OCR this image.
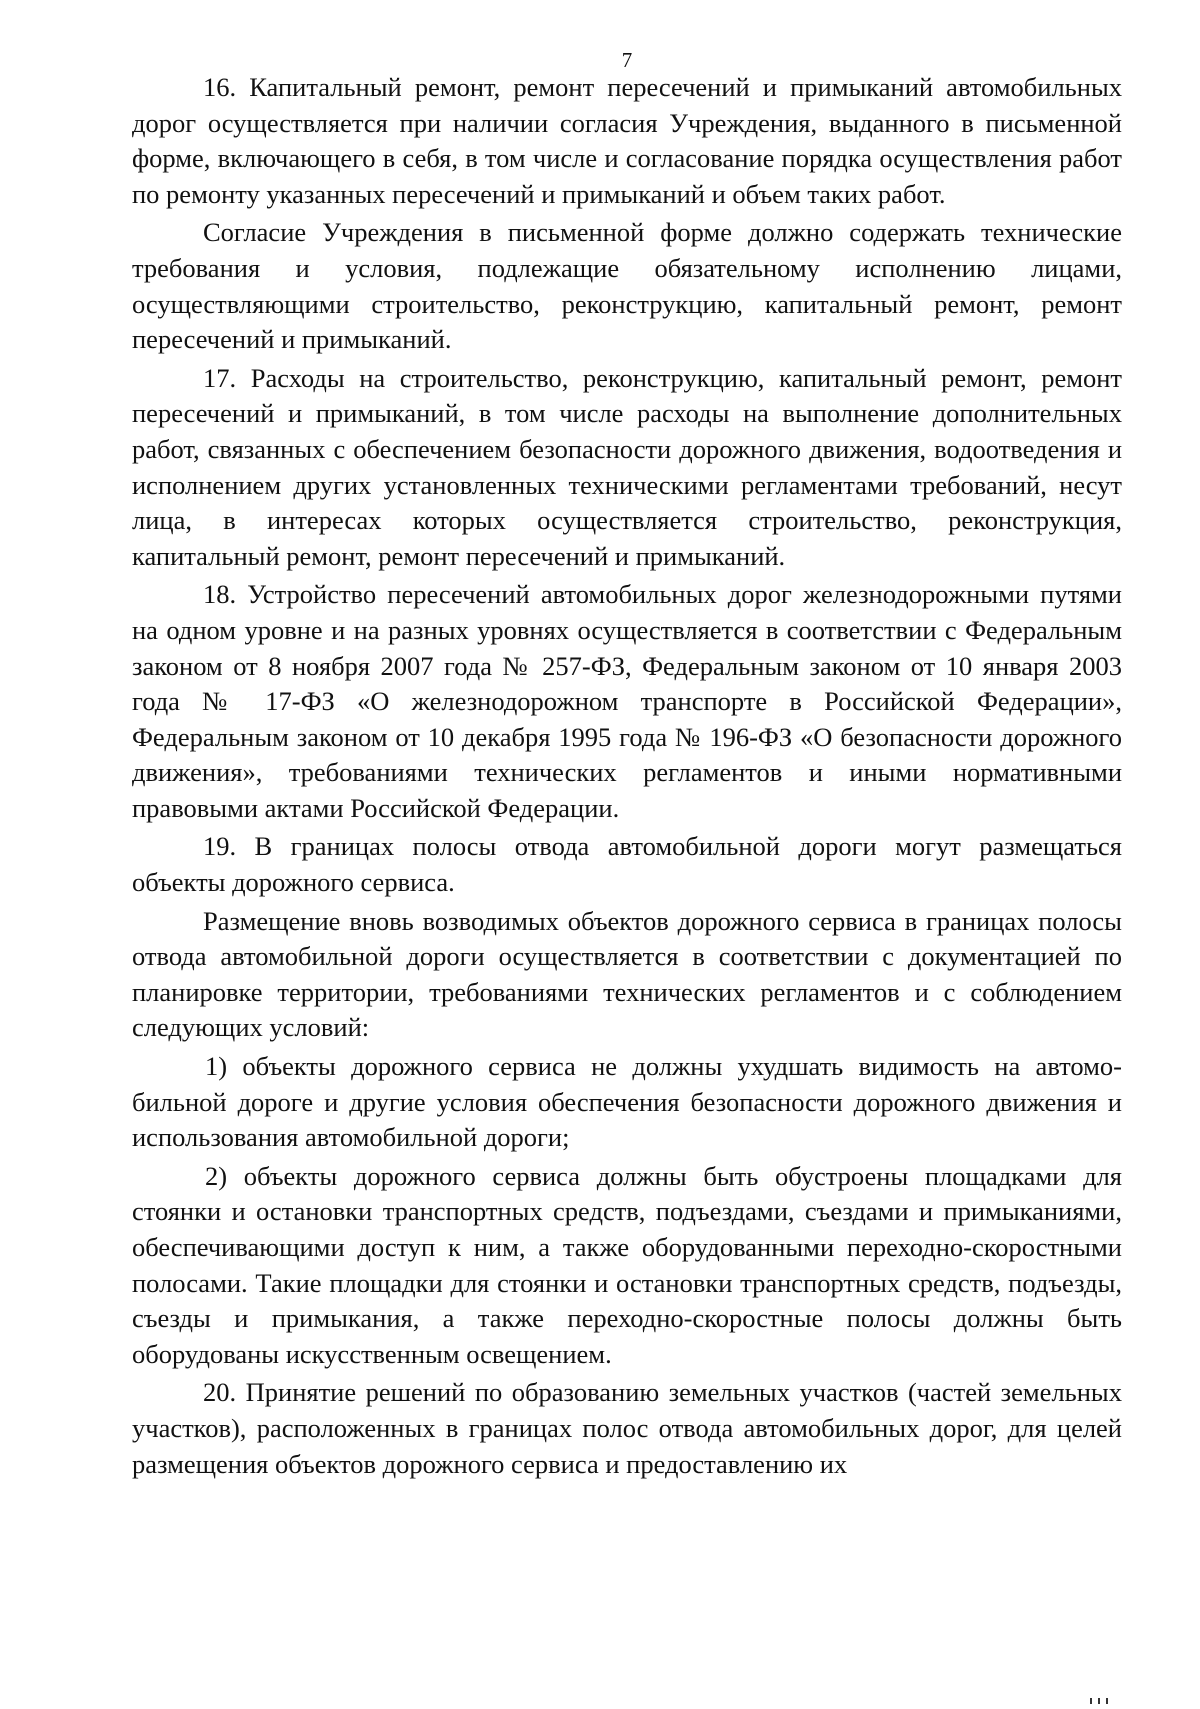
7

16. Капитальный ремонт, ремонт пересечений и примыканий автомобильных дорог осуществляется при наличии согласия Учреждения, выданного в письменной форме, включающего в себя, в том числе и согласование порядка осуществления работ по ремонту указанных пересечений и примыканий и объем таких работ.

Согласие Учреждения в письменной форме должно содержать технические требования и условия, подлежащие обязательному исполнению лицами, осуществляющими строительство, реконструкцию, капитальный ремонт, ремонт пересечений и примыканий.

17. Расходы на строительство, реконструкцию, капитальный ремонт, ремонт пересечений и примыканий, в том числе расходы на выполнение дополнительных работ, связанных с обеспечением безопасности дорожного движения, водоотведения и исполнением других установленных техническими регламентами требований, несут лица, в интересах которых осуществляется строительство, реконструкция, капитальный ремонт, ремонт пересечений и примыканий.

18. Устройство пересечений автомобильных дорог железнодорожными путями на одном уровне и на разных уровнях осуществляется в соответствии с Федеральным законом от 8 ноября 2007 года № 257-ФЗ, Федеральным законом от 10 января 2003 года № 17-ФЗ «О железнодорожном транспорте в Российской Федерации», Федеральным законом от 10 декабря 1995 года № 196-ФЗ «О безопасности дорожного движения», требованиями технических регламентов и иными нормативными правовыми актами Российской Федерации.

19. В границах полосы отвода автомобильной дороги могут размещаться объекты дорожного сервиса.

Размещение вновь возводимых объектов дорожного сервиса в границах полосы отвода автомобильной дороги осуществляется в соответствии с документацией по планировке территории, требованиями технических регламентов и с соблюдением следующих условий:

1) объекты дорожного сервиса не должны ухудшать видимость на автомобильной дороге и другие условия обеспечения безопасности дорожного движения и использования автомобильной дороги;

2) объекты дорожного сервиса должны быть обустроены площадками для стоянки и остановки транспортных средств, подъездами, съездами и примыканиями, обеспечивающими доступ к ним, а также оборудованными переходно-скоростными полосами. Такие площадки для стоянки и остановки транспортных средств, подъезды, съезды и примыкания, а также переходно-скоростные полосы должны быть оборудованы искусственным освещением.

20. Принятие решений по образованию земельных участков (частей земельных участков), расположенных в границах полос отвода автомобильных дорог, для целей размещения объектов дорожного сервиса и предоставлению их
